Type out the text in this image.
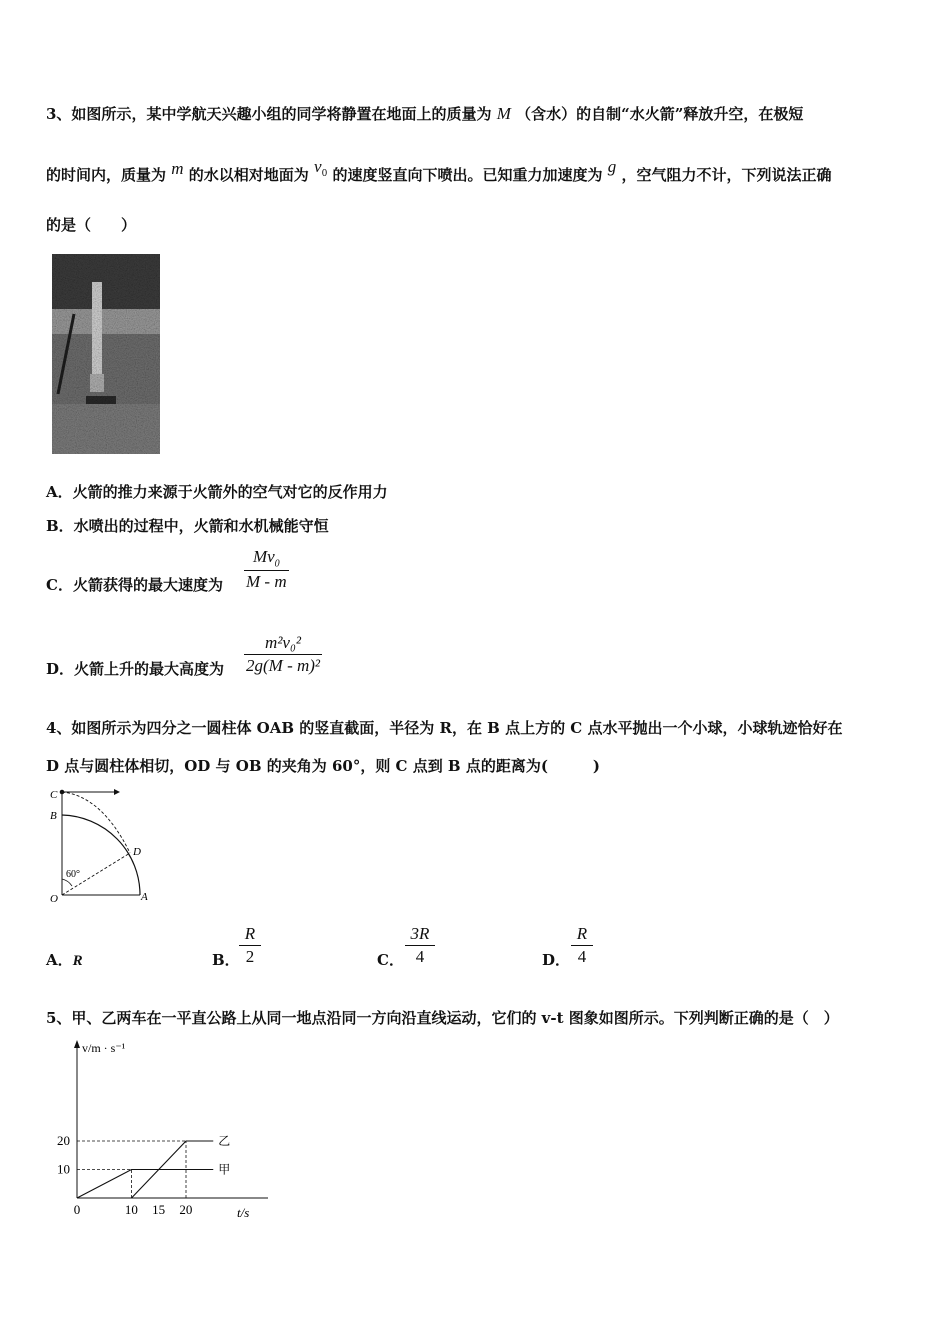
3、如图所示，某中学航天兴趣小组的同学将静置在地面上的质量为 M （含水）的自制“水火箭”释放升空，在极短
的时间内，质量为 m 的水以相对地面为 $v_0$ 的速度竖直向下喷出。已知重力加速度为 g ，空气阻力不计，下列说法正确
的是（　　）
A．火箭的推力来源于火箭外的空气对它的反作用力
B．水喷出的过程中，火箭和水机械能守恒
C．火箭获得的最大速度为
$Mv_0$
M - m
D．火箭上升的最大高度为
m²v₀²
2g(M - m)²
4、如图所示为四分之一圆柱体 OAB 的竖直截面，半径为 R，在 B 点上方的 C 点水平抛出一个小球，小球轨迹恰好在
D 点与圆柱体相切，OD 与 OB 的夹角为 60°，则 C 点到 B 点的距离为(　　　)
C
B
D
O	A
60°
A．R	B．
R
2	C．
3R
4	D．
R
4
5、甲、乙两车在一平直公路上从同一地点沿同一方向沿直线运动，它们的 v-t 图象如图所示。下列判断正确的是（　）
v/m · s⁻¹
t/s
10
20
0	10 15 20
甲
乙
